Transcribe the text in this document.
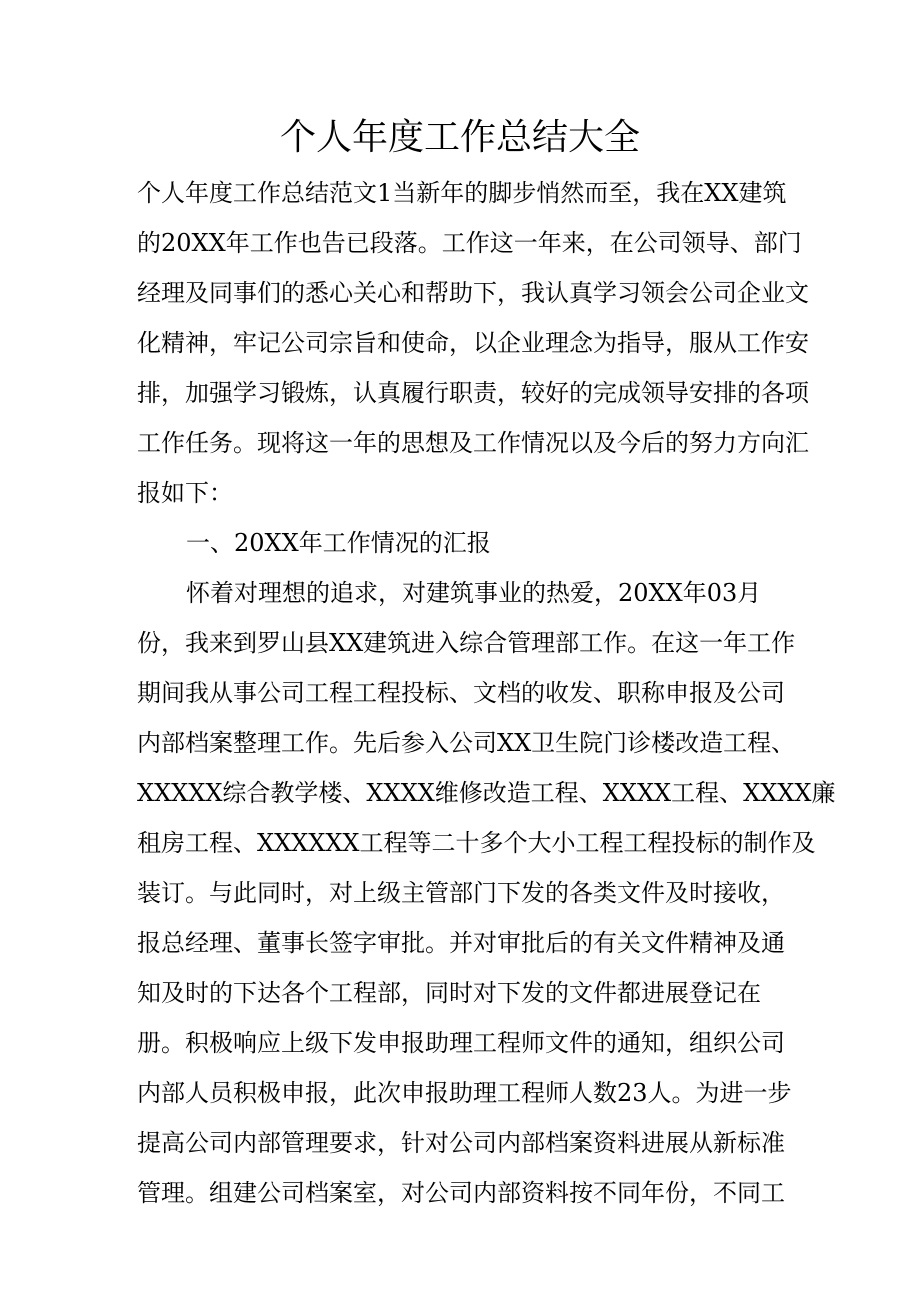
个人年度工作总结大全

个人年度工作总结范文1当新年的脚步悄然而至，我在XX建筑

的20XX年工作也告已段落。工作这一年来，在公司领导、部门

经理及同事们的悉心关心和帮助下，我认真学习领会公司企业文

化精神，牢记公司宗旨和使命，以企业理念为指导，服从工作安

排，加强学习锻炼，认真履行职责，较好的完成领导安排的各项

工作任务。现将这一年的思想及工作情况以及今后的努力方向汇

报如下：

一、20XX年工作情况的汇报

怀着对理想的追求，对建筑事业的热爱，20XX年03月

份，我来到罗山县XX建筑进入综合管理部工作。在这一年工作

期间我从事公司工程工程投标、文档的收发、职称申报及公司

内部档案整理工作。先后参入公司XX卫生院门诊楼改造工程、

XXXXX综合教学楼、XXXX维修改造工程、XXXX工程、XXXX廉

租房工程、XXXXXX工程等二十多个大小工程工程投标的制作及

装订。与此同时，对上级主管部门下发的各类文件及时接收，

报总经理、董事长签字审批。并对审批后的有关文件精神及通

知及时的下达各个工程部，同时对下发的文件都进展登记在

册。积极响应上级下发申报助理工程师文件的通知，组织公司

内部人员积极申报，此次申报助理工程师人数23人。为进一步

提高公司内部管理要求，针对公司内部档案资料进展从新标准

管理。组建公司档案室，对公司内部资料按不同年份，不同工
